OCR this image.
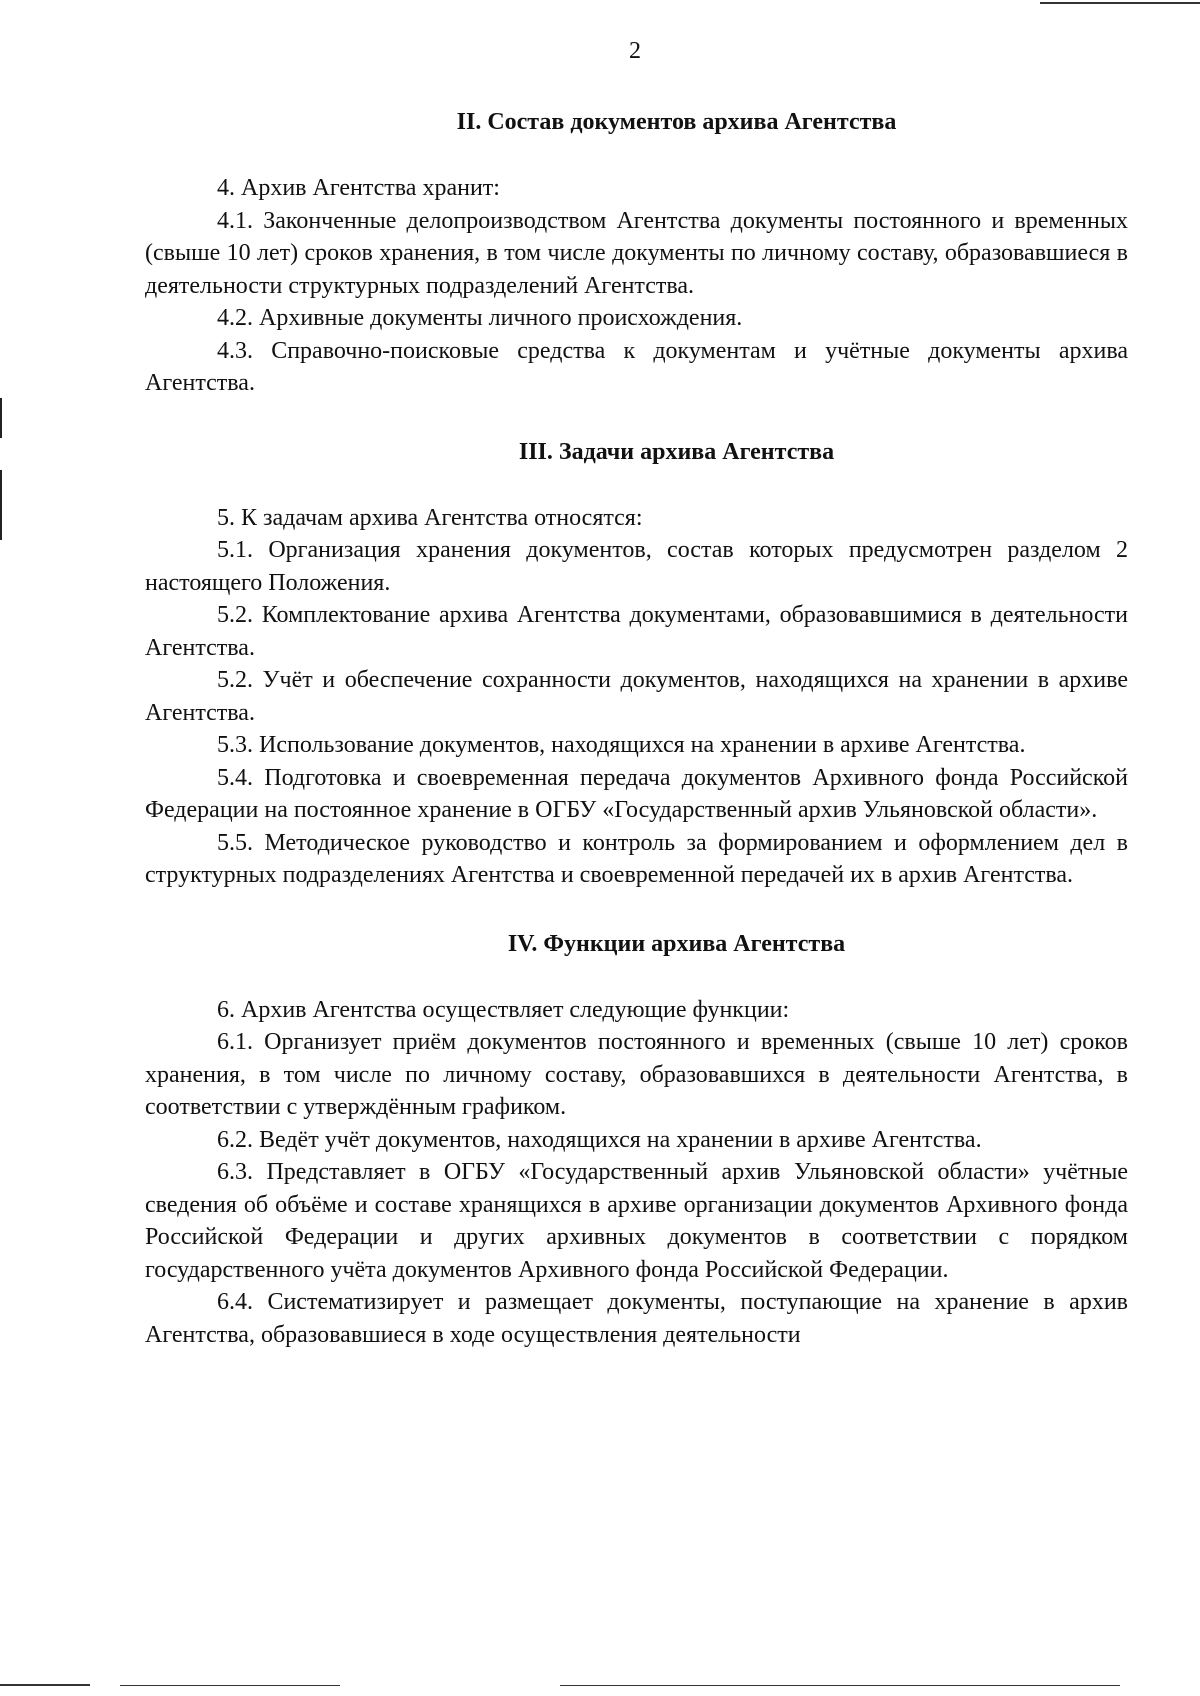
2
II. Состав документов архива Агентства

4. Архив Агентства хранит:

4.1. Законченные делопроизводством Агентства документы постоянного и временных (свыше 10 лет) сроков хранения, в том числе документы по личному составу, образовавшиеся в деятельности структурных подразделений Агентства.

4.2. Архивные документы личного происхождения.

4.3. Справочно-поисковые средства к документам и учётные документы архива Агентства.

III. Задачи архива Агентства

5. К задачам архива Агентства относятся:

5.1. Организация хранения документов, состав которых предусмотрен разделом 2 настоящего Положения.

5.2. Комплектование архива Агентства документами, образовавшимися в деятельности Агентства.

5.2. Учёт и обеспечение сохранности документов, находящихся на хранении в архиве Агентства.

5.3. Использование документов, находящихся на хранении в архиве Агентства.

5.4. Подготовка и своевременная передача документов Архивного фонда Российской Федерации на постоянное хранение в ОГБУ «Государственный архив Ульяновской области».

5.5. Методическое руководство и контроль за формированием и оформлением дел в структурных подразделениях Агентства и своевременной передачей их в архив Агентства.

IV. Функции архива Агентства

6. Архив Агентства осуществляет следующие функции:

6.1. Организует приём документов постоянного и временных (свыше 10 лет) сроков хранения, в том числе по личному составу, образовавшихся в деятельности Агентства, в соответствии с утверждённым графиком.

6.2. Ведёт учёт документов, находящихся на хранении в архиве Агентства.

6.3. Представляет в ОГБУ «Государственный архив Ульяновской области» учётные сведения об объёме и составе хранящихся в архиве организации документов Архивного фонда Российской Федерации и других архивных документов в соответствии с порядком государственного учёта документов Архивного фонда Российской Федерации.

6.4. Систематизирует и размещает документы, поступающие на хранение в архив Агентства, образовавшиеся в ходе осуществления деятельности
